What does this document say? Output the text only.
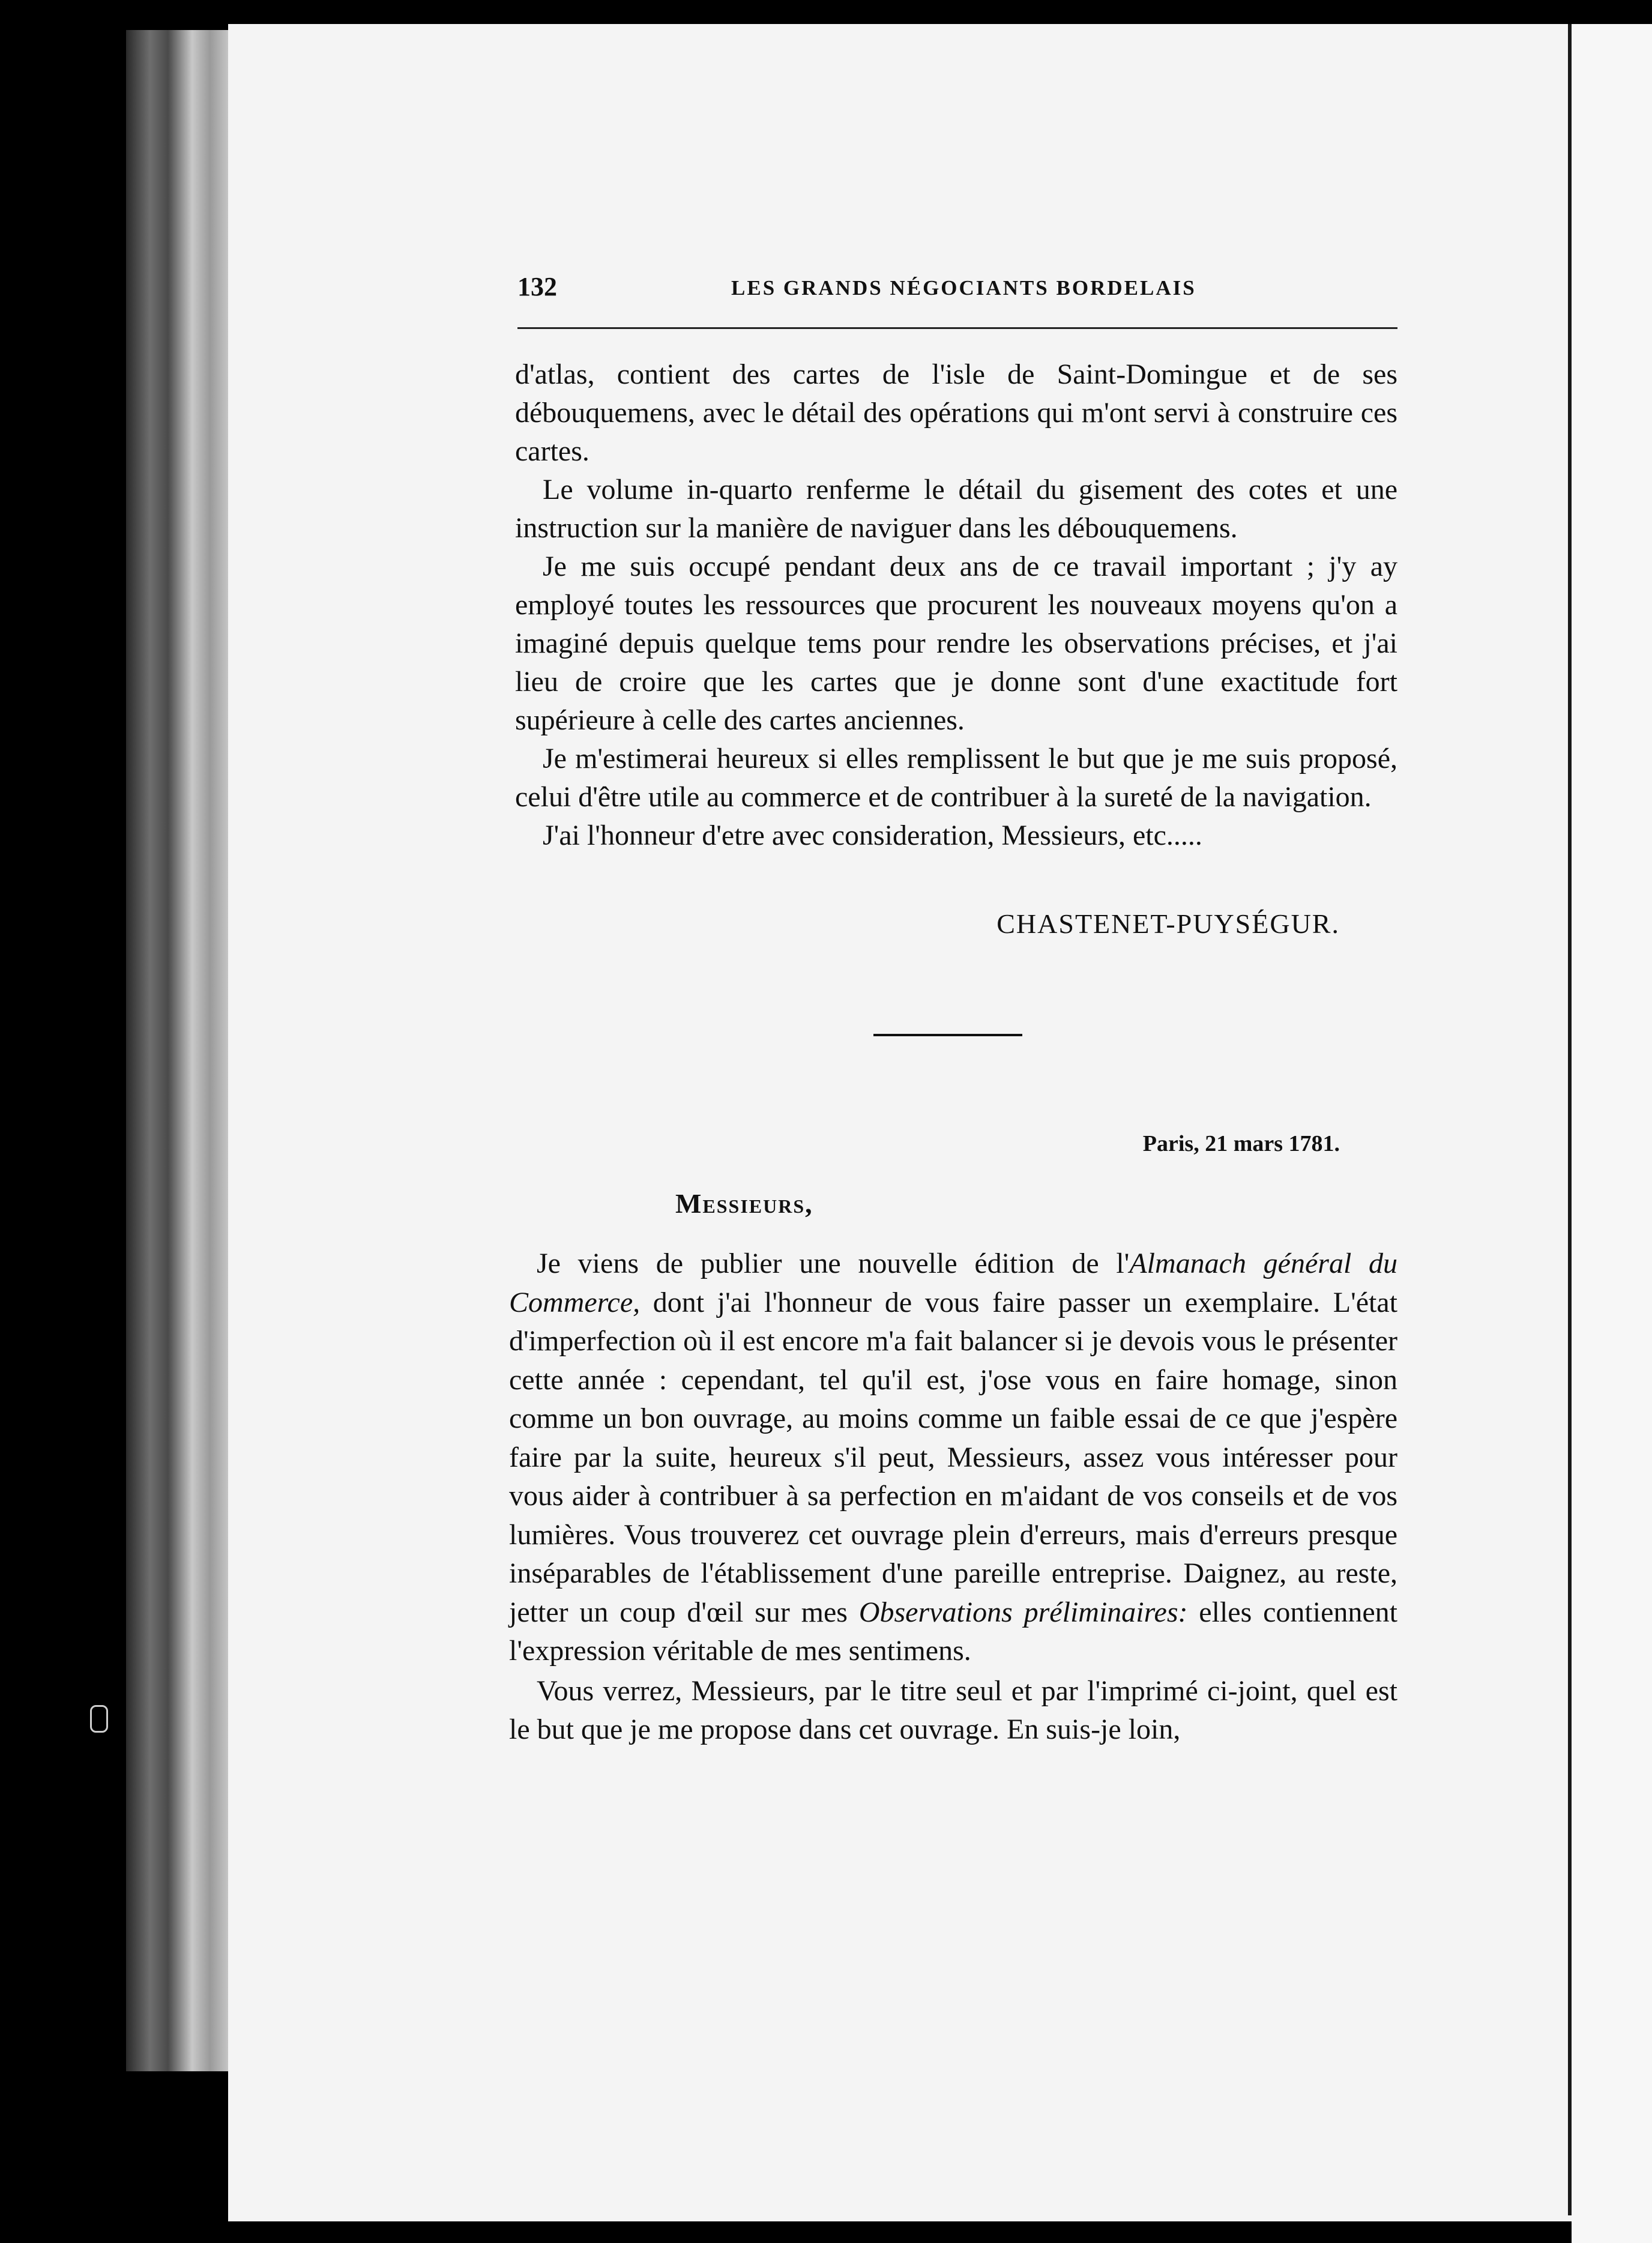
132	LES GRANDS NÉGOCIANTS BORDELAIS

d'atlas, contient des cartes de l'isle de Saint-Domingue et de ses débouquemens, avec le détail des opérations qui m'ont servi à construire ces cartes.

Le volume in-quarto renferme le détail du gisement des cotes et une instruction sur la manière de naviguer dans les débouquemens.

Je me suis occupé pendant deux ans de ce travail important ; j'y ay employé toutes les ressources que procurent les nouveaux moyens qu'on a imaginé depuis quelque tems pour rendre les observations précises, et j'ai lieu de croire que les cartes que je donne sont d'une exactitude fort supérieure à celle des cartes anciennes.

Je m'estimerai heureux si elles remplissent le but que je me suis proposé, celui d'être utile au commerce et de contribuer à la sureté de la navigation.

J'ai l'honneur d'etre avec consideration, Messieurs, etc.....

CHASTENET-PUYSÉGUR.
Paris, 21 mars 1781.
Messieurs,

Je viens de publier une nouvelle édition de l'Almanach général du Commerce, dont j'ai l'honneur de vous faire passer un exemplaire. L'état d'imperfection où il est encore m'a fait balancer si je devois vous le présenter cette année : cependant, tel qu'il est, j'ose vous en faire homage, sinon comme un bon ouvrage, au moins comme un faible essai de ce que j'espère faire par la suite, heureux s'il peut, Messieurs, assez vous intéresser pour vous aider à contribuer à sa perfection en m'aidant de vos conseils et de vos lumières. Vous trouverez cet ouvrage plein d'erreurs, mais d'erreurs presque inséparables de l'établissement d'une pareille entreprise. Daignez, au reste, jetter un coup d'œil sur mes Observations préliminaires: elles contiennent l'expression véritable de mes sentimens.

Vous verrez, Messieurs, par le titre seul et par l'imprimé ci-joint, quel est le but que je me propose dans cet ouvrage. En suis-je loin,
